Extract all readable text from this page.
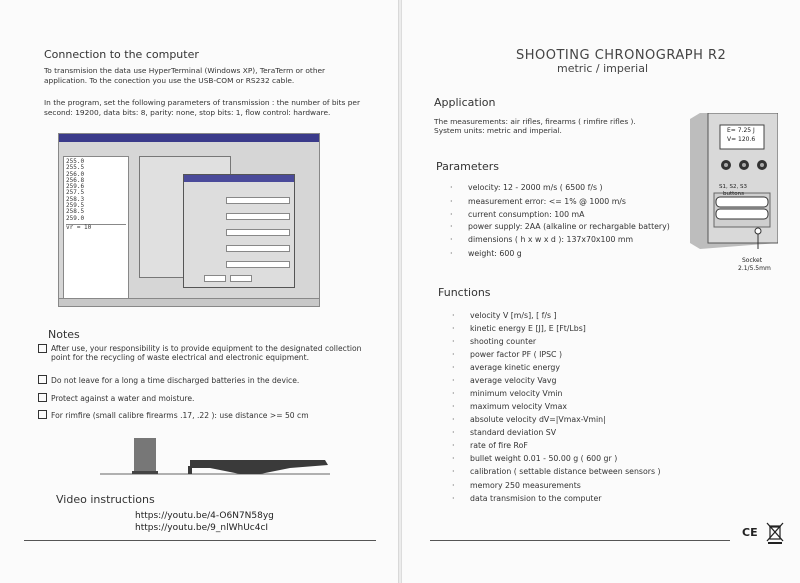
Connection to the computer
To transmision the data use HyperTerminal (Windows XP), TeraTerm or other application. To the conection you use the USB-COM or RS232 cable.
In the program, set the following parameters of transmission : the number of bits per second: 19200, data bits: 8, parity: none, stop bits: 1, flow control: hardware.
255.0
255.5
256.0
256.8
259.6
257.5
258.3
259.5
258.5
259.0
vr = 10
Notes
After use, your responsibility is to provide equipment to the designated collection point for the recycling of waste electrical and electronic equipment.
Do not leave for a long a time discharged batteries in the device.
Protect against a water and moisture.
For rimfire (small calibre firearms .17, .22 ): use distance >= 50 cm
Video instructions
https://youtu.be/4-O6N7N58yg
https://youtu.be/9_nlWhUc4cI
SHOOTING CHRONOGRAPH R2
metric / imperial
Application
The measurements: air rifles, firearms ( rimfire rifles ).
System units: metric and imperial.
Parameters
· velocity: 12 - 2000 m/s ( 6500 f/s )
· measurement error: <= 1% @ 1000 m/s
· current consumption: 100 mA
· power supply: 2AA (alkaline or rechargable battery)
· dimensions ( h x w x d ): 137x70x100 mm
· weight: 600 g
Functions
· velocity V [m/s], [ f/s ]
· kinetic energy E [J], E [Ft/Lbs]
· shooting counter
· power factor PF ( IPSC )
· average kinetic energy
· average velocity Vavg
· minimum velocity Vmin
· maximum velocity Vmax
· absolute velocity dV=|Vmax-Vmin|
· standard deviation SV
· rate of fire RoF
· bullet weight 0.01 - 50.00 g ( 600 gr )
· calibration ( settable distance between sensors )
· memory 250 measurements
· data transmision to the computer
CE
E= 7.25 J
V= 120.6
S1, S2, S3
buttons
Socket
2.1/5.5mm
